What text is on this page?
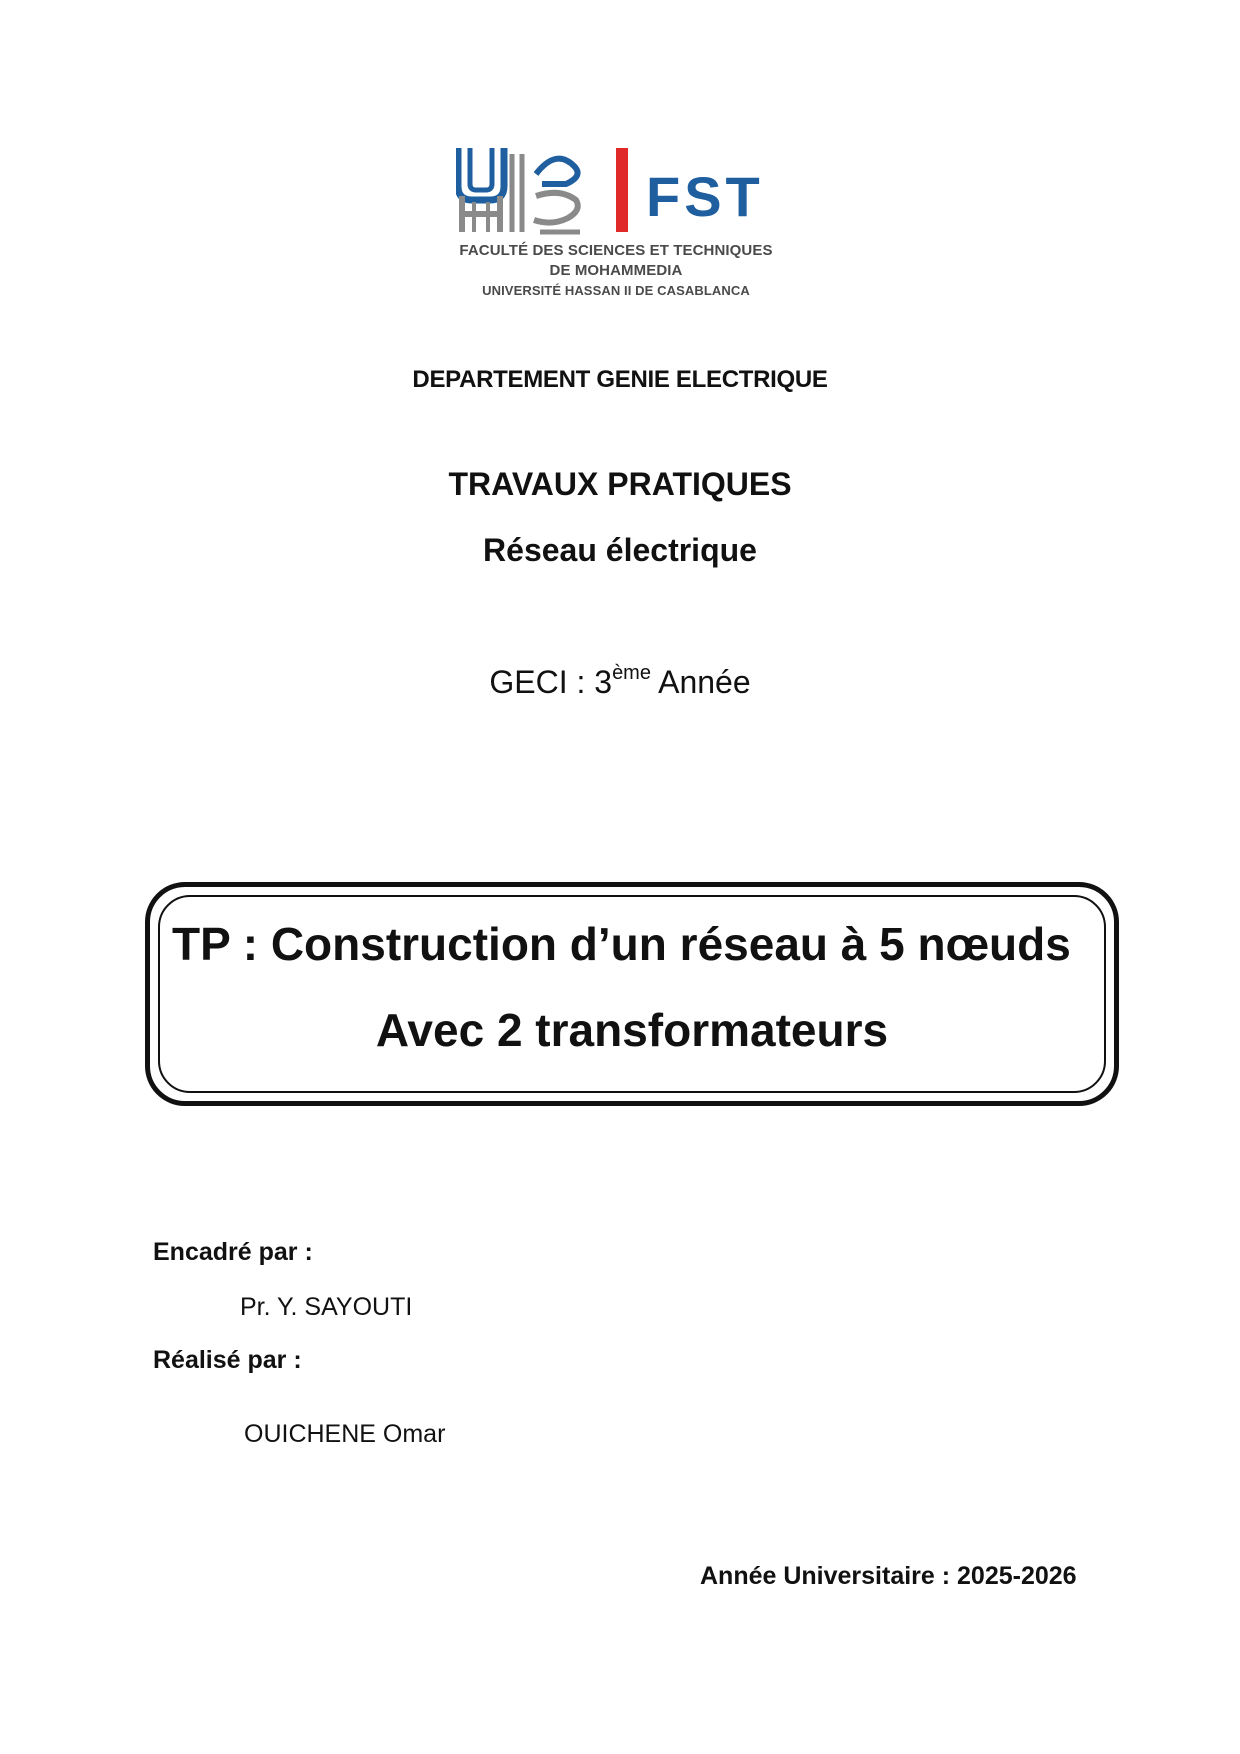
FST
FACULTÉ DES SCIENCES ET TECHNIQUES
DE MOHAMMEDIA
UNIVERSITÉ HASSAN II DE CASABLANCA
DEPARTEMENT GENIE ELECTRIQUE
TRAVAUX PRATIQUES
Réseau électrique
GECI : 3ème Année
TP : Construction d’un réseau à 5 nœuds
Avec 2 transformateurs
Encadré par :
Pr. Y. SAYOUTI
Réalisé par :
OUICHENE Omar
Année Universitaire : 2025-2026
